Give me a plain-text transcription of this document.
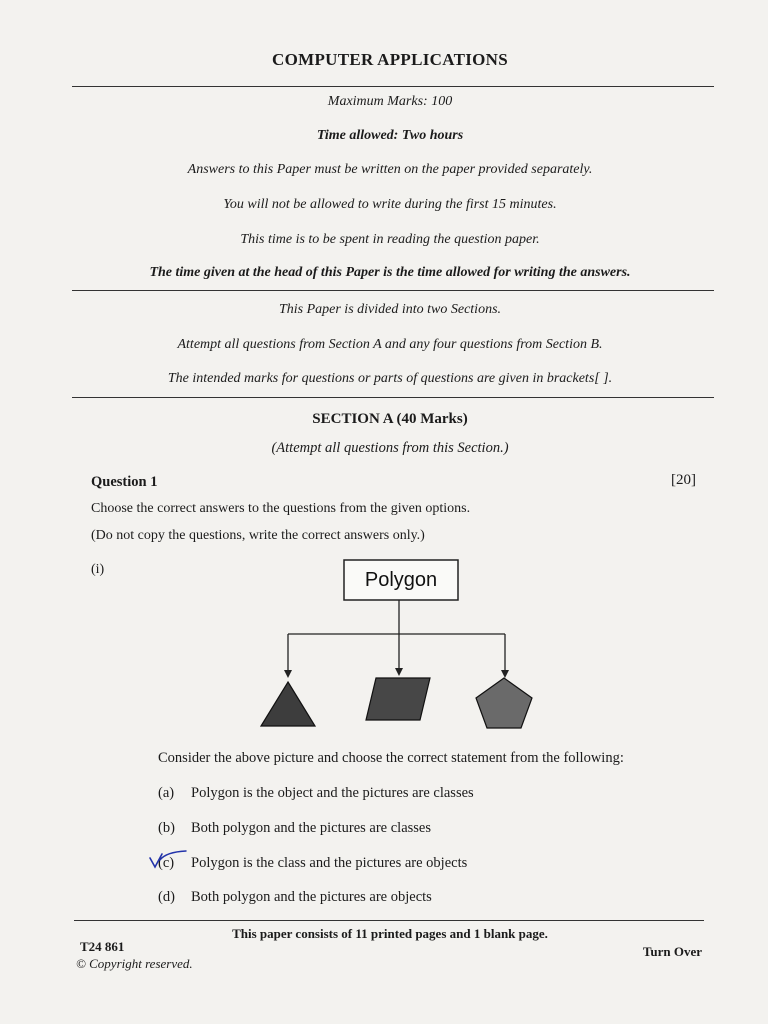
COMPUTER APPLICATIONS
Maximum Marks: 100
Time allowed: Two hours
Answers to this Paper must be written on the paper provided separately.
You will not be allowed to write during the first 15 minutes.
This time is to be spent in reading the question paper.
The time given at the head of this Paper is the time allowed for writing the answers.
This Paper is divided into two Sections.
Attempt all questions from Section A and any four questions from Section B.
The intended marks for questions or parts of questions are given in brackets[ ].
SECTION A (40 Marks)
(Attempt all questions from this Section.)
Question 1	[20]
Choose the correct answers to the questions from the given options.
(Do not copy the questions, write the correct answers only.)
(i)	Polygon
Consider the above picture and choose the correct statement from the following:
(a) Polygon is the object and the pictures are classes
(b) Both polygon and the pictures are classes
(c) Polygon is the class and the pictures are objects
(d) Both polygon and the pictures are objects
This paper consists of 11 printed pages and 1 blank page.
T24 861
© Copyright reserved.
Turn Over
